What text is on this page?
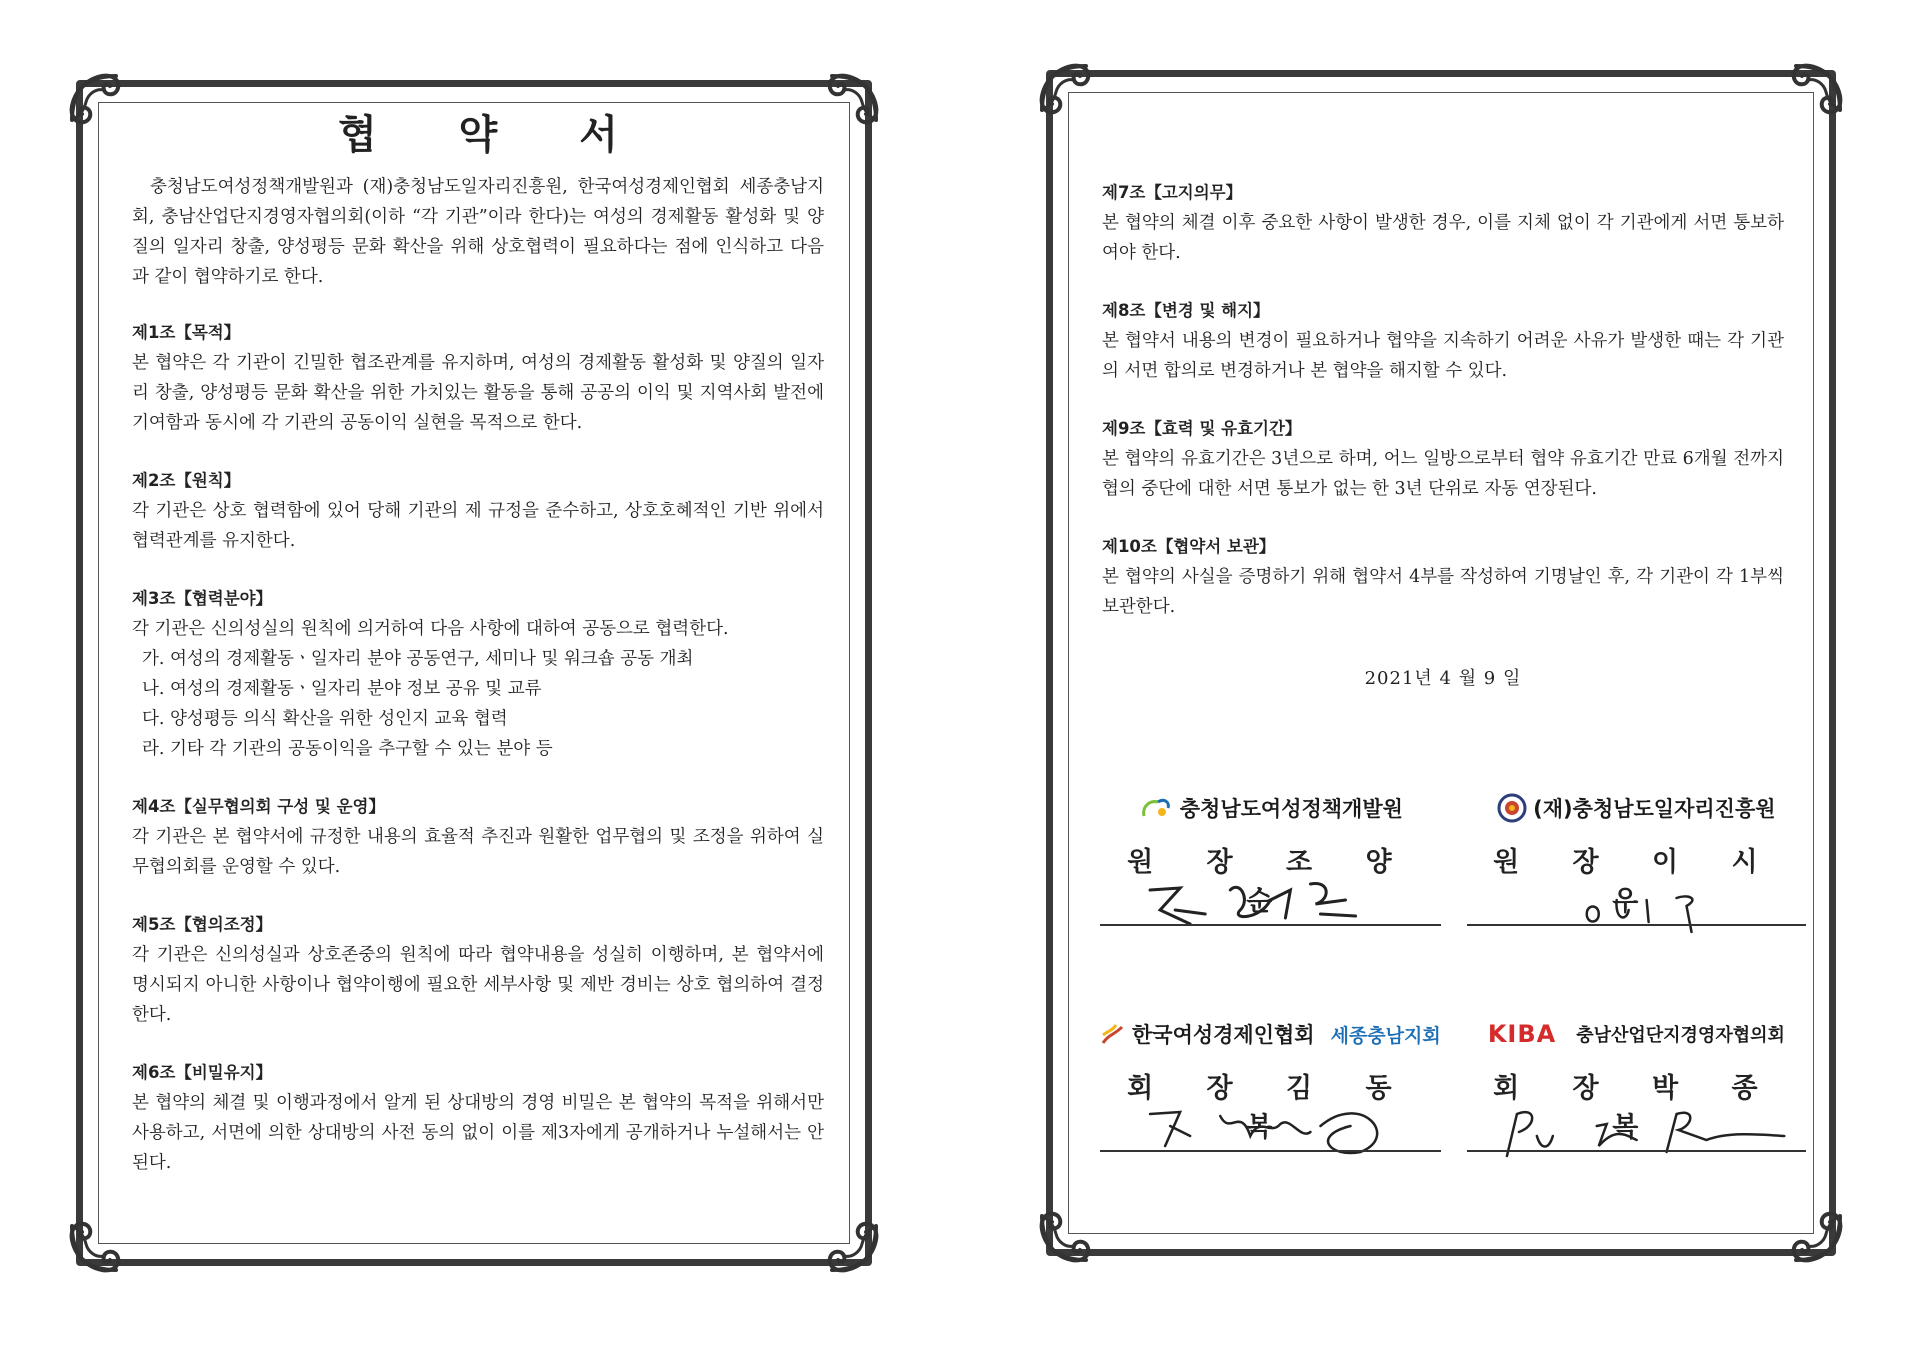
협 약 서
충청남도여성정책개발원과 (재)충청남도일자리진흥원, 한국여성경제인협회 세종충남지회, 충남산업단지경영자협의회(이하 “각 기관”이라 한다)는 여성의 경제활동 활성화 및 양질의 일자리 창출, 양성평등 문화 확산을 위해 상호협력이 필요하다는 점에 인식하고 다음과 같이 협약하기로 한다.
제1조【목적】
본 협약은 각 기관이 긴밀한 협조관계를 유지하며, 여성의 경제활동 활성화 및 양질의 일자리 창출, 양성평등 문화 확산을 위한 가치있는 활동을 통해 공공의 이익 및 지역사회 발전에 기여함과 동시에 각 기관의 공동이익 실현을 목적으로 한다.
제2조【원칙】
각 기관은 상호 협력함에 있어 당해 기관의 제 규정을 준수하고, 상호호혜적인 기반 위에서 협력관계를 유지한다.
제3조【협력분야】
각 기관은 신의성실의 원칙에 의거하여 다음 사항에 대하여 공동으로 협력한다.
가. 여성의 경제활동ㆍ일자리 분야 공동연구, 세미나 및 워크숍 공동 개최
나. 여성의 경제활동ㆍ일자리 분야 정보 공유 및 교류
다. 양성평등 의식 확산을 위한 성인지 교육 협력
라. 기타 각 기관의 공동이익을 추구할 수 있는 분야 등
제4조【실무협의회 구성 및 운영】
각 기관은 본 협약서에 규정한 내용의 효율적 추진과 원활한 업무협의 및 조정을 위하여 실무협의회를 운영할 수 있다.
제5조【협의조정】
각 기관은 신의성실과 상호존중의 원칙에 따라 협약내용을 성실히 이행하며, 본 협약서에 명시되지 아니한 사항이나 협약이행에 필요한 세부사항 및 제반 경비는 상호 협의하여 결정한다.
제6조【비밀유지】
본 협약의 체결 및 이행과정에서 알게 된 상대방의 경영 비밀은 본 협약의 목적을 위해서만 사용하고, 서면에 의한 상대방의 사전 동의 없이 이를 제3자에게 공개하거나 누설해서는 안 된다.
제7조【고지의무】
본 협약의 체결 이후 중요한 사항이 발생한 경우, 이를 지체 없이 각 기관에게 서면 통보하여야 한다.
제8조【변경 및 해지】
본 협약서 내용의 변경이 필요하거나 협약을 지속하기 어려운 사유가 발생한 때는 각 기관의 서면 합의로 변경하거나 본 협약을 해지할 수 있다.
제9조【효력 및 유효기간】
본 협약의 유효기간은 3년으로 하며, 어느 일방으로부터 협약 유효기간 만료 6개월 전까지 협의 중단에 대한 서면 통보가 없는 한 3년 단위로 자동 연장된다.
제10조【협약서 보관】
본 협약의 사실을 증명하기 위해 협약서 4부를 작성하여 기명날인 후, 각 기관이 각 1부씩 보관한다.
2021년 4 월 9 일
충청남도여성정책개발원
원 장 조 양 순
(재)충청남도일자리진흥원
원 장 이 시 우
한국여성경제인협회 세종충남지회
회 장 김 동 복
KIBA 충남산업단지경영자협의회
회 장 박 종 복
